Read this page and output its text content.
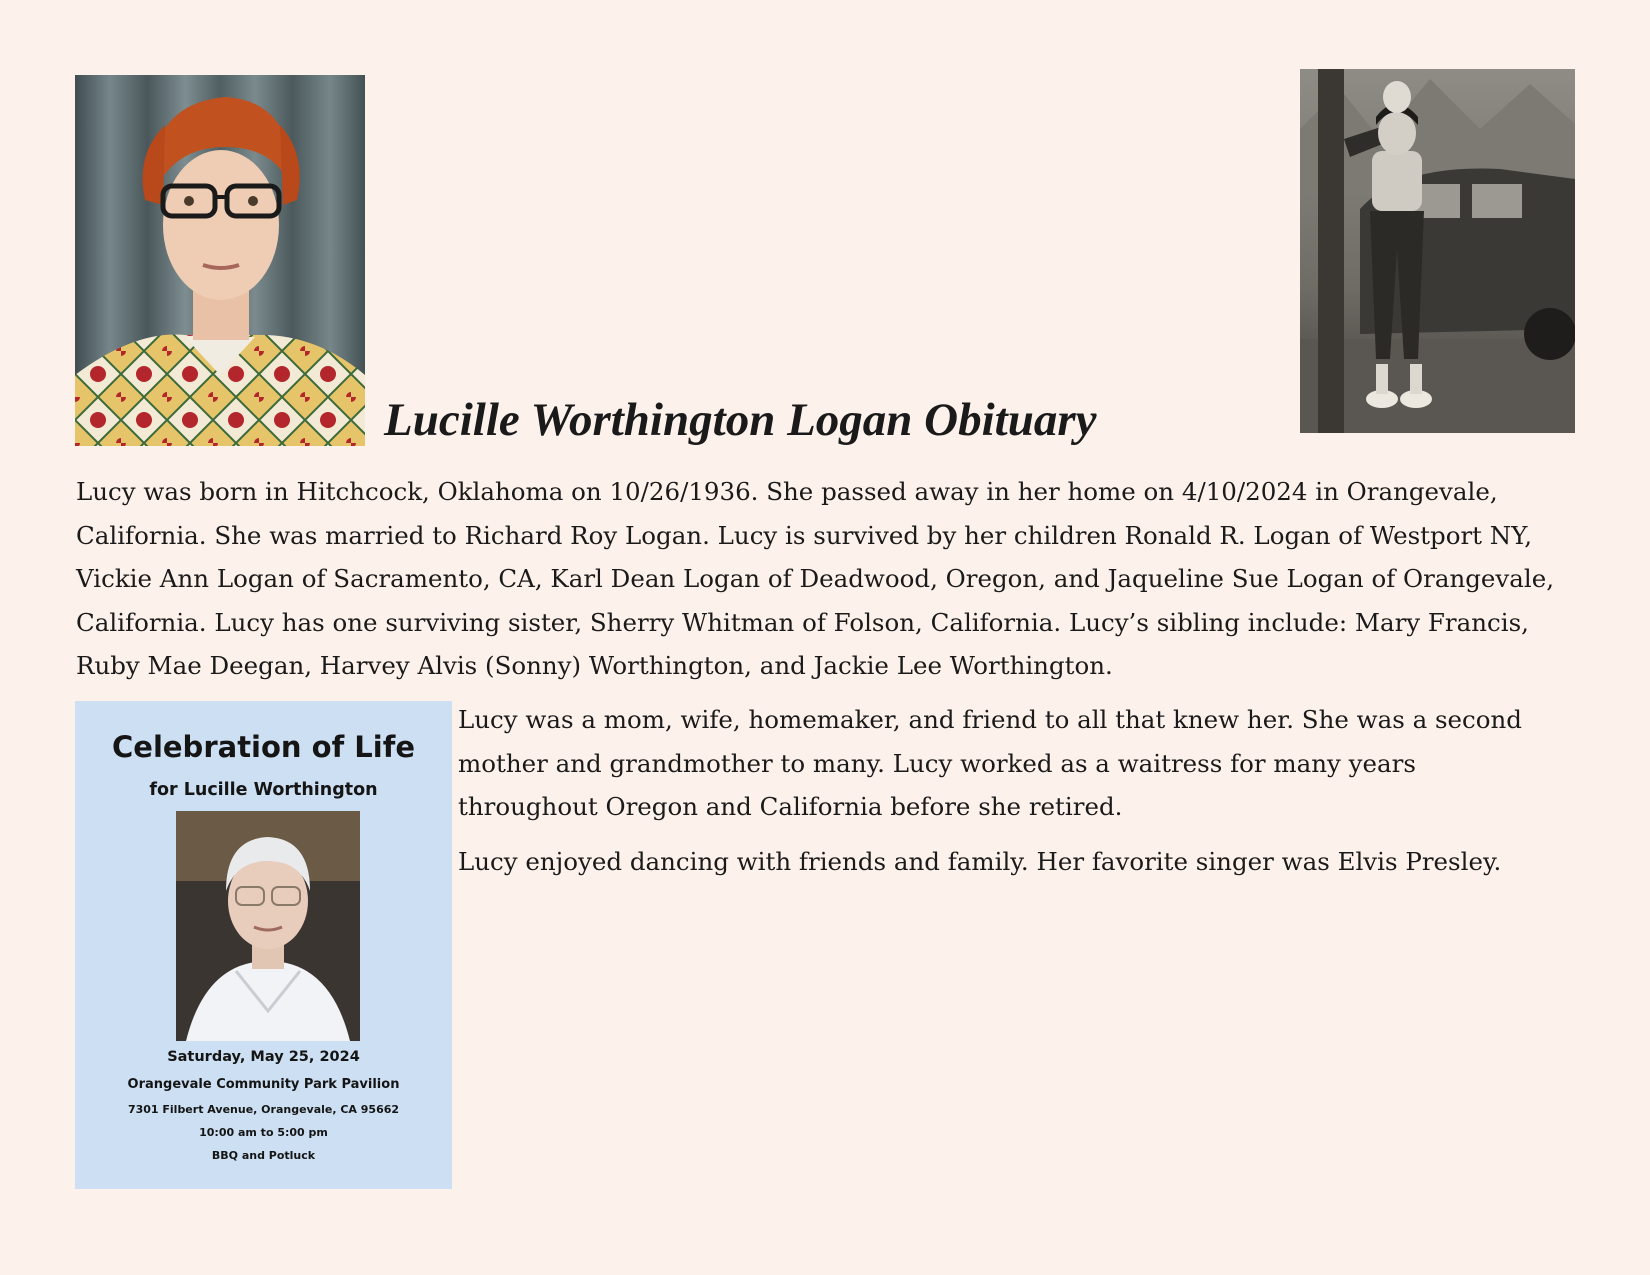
Lucille Worthington Logan Obituary

Lucy was born in Hitchcock, Oklahoma on 10/26/1936. She passed away in her home on 4/10/2024 in Orangevale, California. She was married to Richard Roy Logan. Lucy is survived by her children Ronald R. Logan of Westport NY, Vickie Ann Logan of Sacramento, CA, Karl Dean Logan of Deadwood, Oregon, and Jaqueline Sue Logan of Orangevale, California. Lucy has one surviving sister, Sherry Whitman of Folson, California. Lucy’s sibling include: Mary Francis, Ruby Mae Deegan, Harvey Alvis (Sonny) Worthington, and Jackie Lee Worthington.

Celebration of Life
for Lucille Worthington
Saturday, May 25, 2024
Orangevale Community Park Pavilion
7301 Filbert Avenue, Orangevale, CA 95662
10:00 am to 5:00 pm
BBQ and Potluck

Lucy was a mom, wife, homemaker, and friend to all that knew her. She was a second mother and grandmother to many. Lucy worked as a waitress for many years throughout Oregon and California before she retired.

Lucy enjoyed dancing with friends and family. Her favorite singer was Elvis Presley.
